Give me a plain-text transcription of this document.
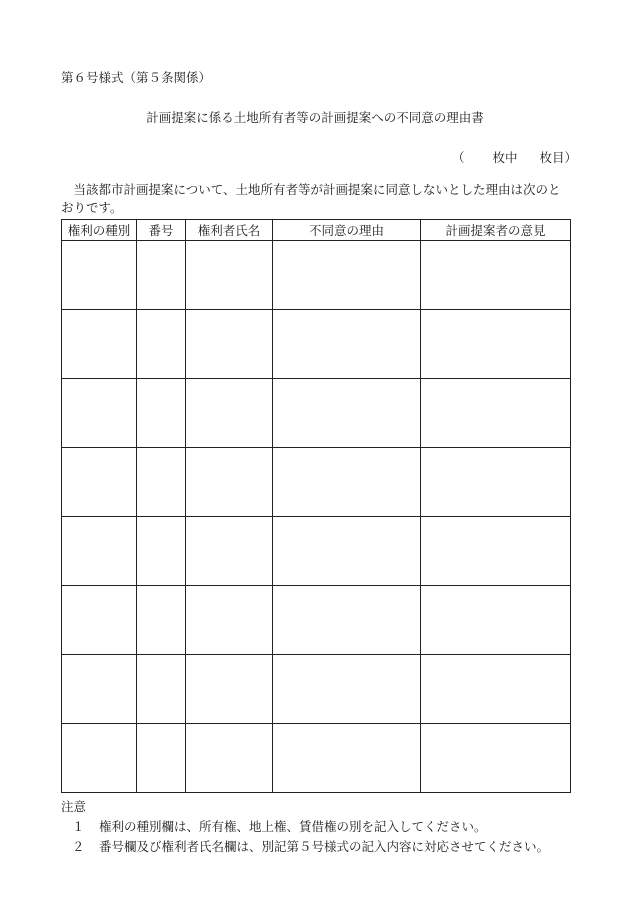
第６号様式（第５条関係）
計画提案に係る土地所有者等の計画提案への不同意の理由書
（ 枚中 枚目）
　当該都市計画提案について、土地所有者等が計画提案に同意しないとした理由は次のとおりです。
権利の種別	番号	権利者氏名	不同意の理由	計画提案者の意見

注意
１ 権利の種別欄は、所有権、地上権、賃借権の別を記入してください。
２ 番号欄及び権利者氏名欄は、別記第５号様式の記入内容に対応させてください。
